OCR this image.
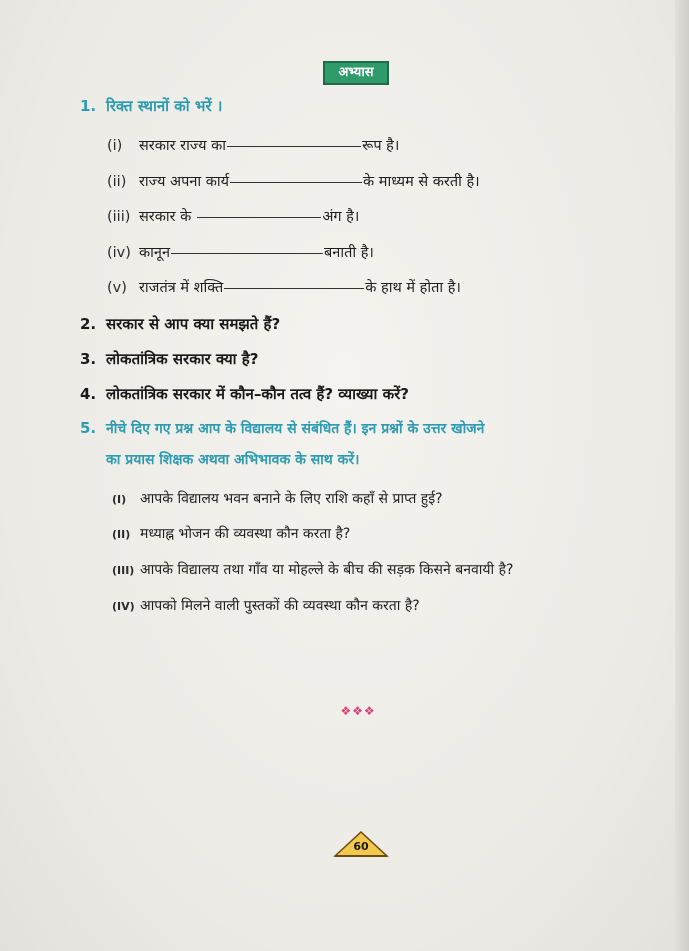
अभ्यास
1. रिक्त स्थानों को भरें ।
(i) सरकार राज्य का	रूप है।
(ii) राज्य अपना कार्य	के माध्यम से करती है।
(iii) सरकार के	अंग है।
(iv) कानून	बनाती है।
(v) राजतंत्र में शक्ति	के हाथ में होता है।
2. सरकार से आप क्या समझते हैं?
3. लोकतांत्रिक सरकार क्या है?
4. लोकतांत्रिक सरकार में कौन–कौन तत्व हैं? व्याख्या करें?
5. नीचे दिए गए प्रश्न आप के विद्यालय से संबंधित हैं। इन प्रश्नों के उत्तर खोजने
का प्रयास शिक्षक अथवा अभिभावक के साथ करें।
(I) आपके विद्यालय भवन बनाने के लिए राशि कहाँ से प्राप्त हुई?
(II) मध्याह्न भोजन की व्यवस्था कौन करता है?
(III) आपके विद्यालय तथा गाँव या मोहल्ले के बीच की सड़क किसने बनवायी है?
(IV) आपको मिलने वाली पुस्तकों की व्यवस्था कौन करता है?
❖❖❖
60
